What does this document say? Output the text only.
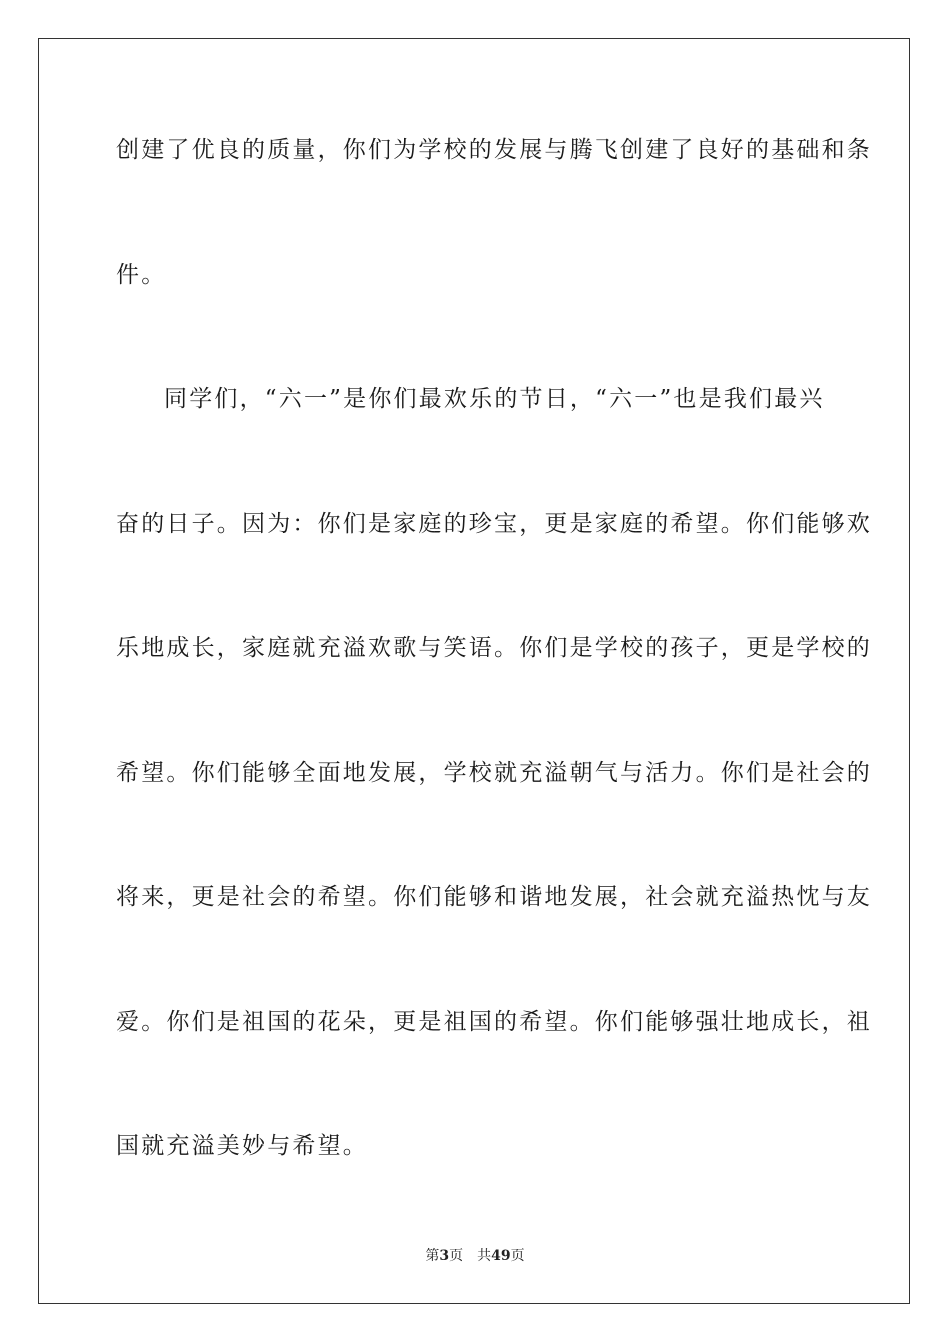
创建了优良的质量，你们为学校的发展与腾飞创建了良好的基础和条
件。
同学们，“六一”是你们最欢乐的节日，“六一”也是我们最兴
奋的日子。因为：你们是家庭的珍宝，更是家庭的希望。你们能够欢
乐地成长，家庭就充溢欢歌与笑语。你们是学校的孩子，更是学校的
希望。你们能够全面地发展，学校就充溢朝气与活力。你们是社会的
将来，更是社会的希望。你们能够和谐地发展，社会就充溢热忱与友
爱。你们是祖国的花朵，更是祖国的希望。你们能够强壮地成长，祖
国就充溢美妙与希望。
第3页 共49页
